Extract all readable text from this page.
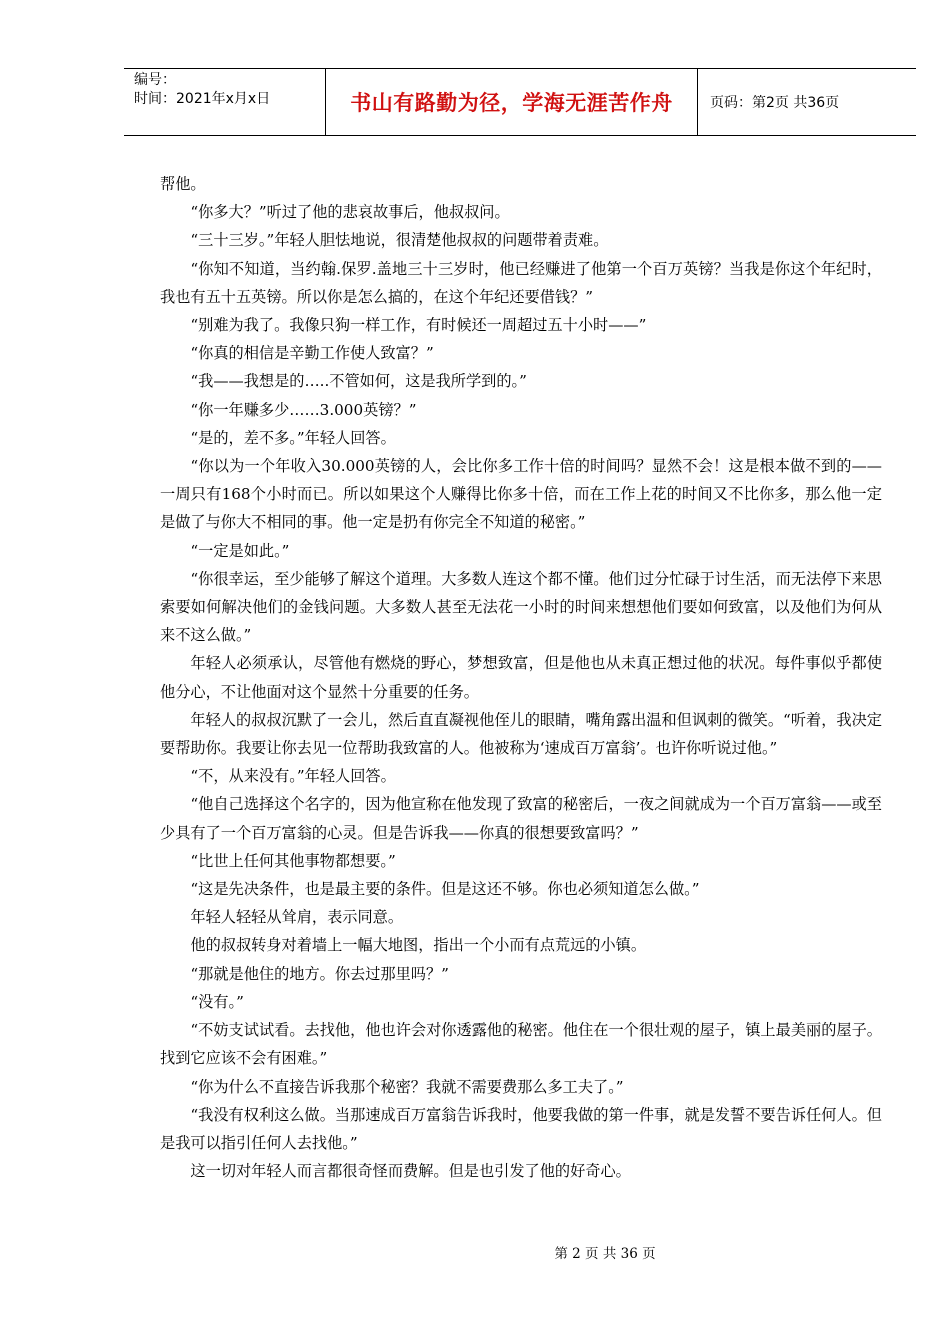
编号：
时间：2021年x月x日	书山有路勤为径，学海无涯苦作舟	页码：第2页 共36页

帮他。

“你多大？”听过了他的悲哀故事后，他叔叔问。

“三十三岁。”年轻人胆怯地说，很清楚他叔叔的问题带着责难。

“你知不知道，当约翰.保罗.盖地三十三岁时，他已经赚进了他第一个百万英镑？当我是你这个年纪时，我也有五十五英镑。所以你是怎么搞的，在这个年纪还要借钱？”

“别难为我了。我像只狗一样工作，有时候还一周超过五十小时——”

“你真的相信是辛勤工作使人致富？”

“我——我想是的…..不管如何，这是我所学到的。”

“你一年赚多少……3.000英镑？”

“是的，差不多。”年轻人回答。

“你以为一个年收入30.000英镑的人，会比你多工作十倍的时间吗？显然不会！这是根本做不到的——一周只有168个小时而已。所以如果这个人赚得比你多十倍，而在工作上花的时间又不比你多，那么他一定是做了与你大不相同的事。他一定是扔有你完全不知道的秘密。”

“一定是如此。”

“你很幸运，至少能够了解这个道理。大多数人连这个都不懂。他们过分忙碌于讨生活，而无法停下来思索要如何解决他们的金钱问题。大多数人甚至无法花一小时的时间来想想他们要如何致富，以及他们为何从来不这么做。”

年轻人必须承认，尽管他有燃烧的野心，梦想致富，但是他也从未真正想过他的状况。每件事似乎都使他分心，不让他面对这个显然十分重要的任务。

年轻人的叔叔沉默了一会儿，然后直直凝视他侄儿的眼睛，嘴角露出温和但讽刺的微笑。“听着，我决定要帮助你。我要让你去见一位帮助我致富的人。他被称为‘速成百万富翁’。也许你听说过他。”

“不，从来没有。”年轻人回答。

“他自己选择这个名字的，因为他宣称在他发现了致富的秘密后，一夜之间就成为一个百万富翁——或至少具有了一个百万富翁的心灵。但是告诉我——你真的很想要致富吗？”

“比世上任何其他事物都想要。”

“这是先决条件，也是最主要的条件。但是这还不够。你也必须知道怎么做。”

年轻人轻轻从耸肩，表示同意。

他的叔叔转身对着墙上一幅大地图，指出一个小而有点荒远的小镇。

“那就是他住的地方。你去过那里吗？”

“没有。”

“不妨支试试看。去找他，他也许会对你透露他的秘密。他住在一个很壮观的屋子，镇上最美丽的屋子。找到它应该不会有困难。”

“你为什么不直接告诉我那个秘密？我就不需要费那么多工夫了。”

“我没有权利这么做。当那速成百万富翁告诉我时，他要我做的第一件事，就是发誓不要告诉任何人。但是我可以指引任何人去找他。”

这一切对年轻人而言都很奇怪而费解。但是也引发了他的好奇心。

第 2 页 共 36 页
